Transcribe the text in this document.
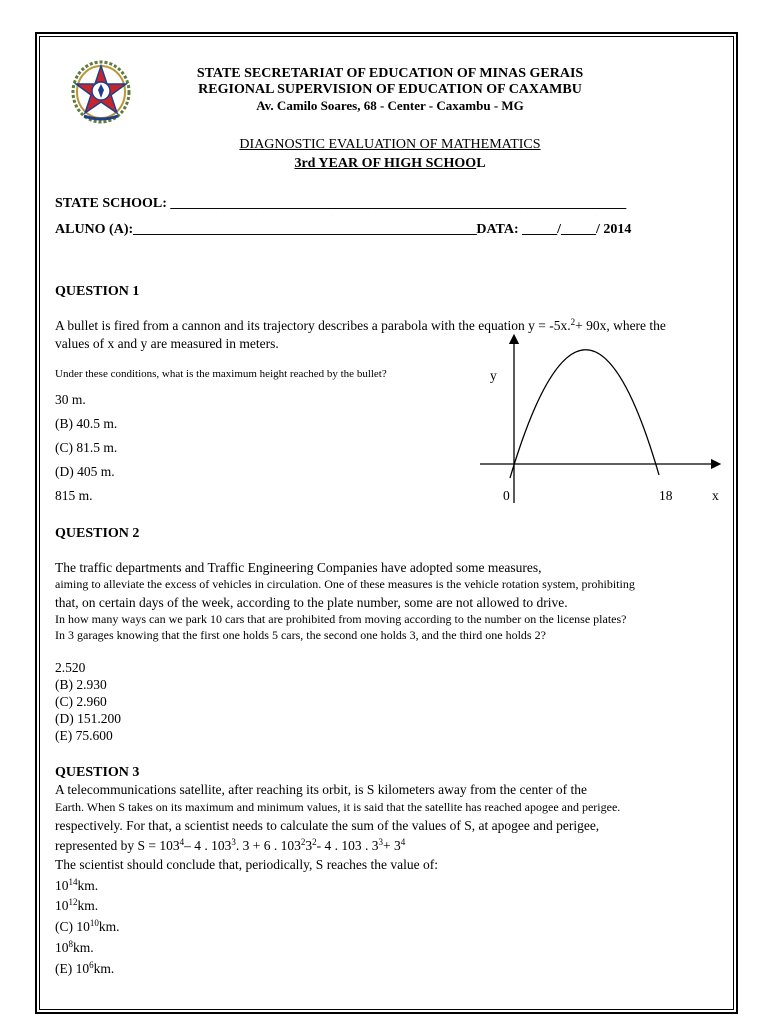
STATE SECRETARIAT OF EDUCATION OF MINAS GERAIS
REGIONAL SUPERVISION OF EDUCATION OF CAXAMBU
Av. Camilo Soares, 68 - Center - Caxambu - MG
DIAGNOSTIC EVALUATION OF MATHEMATICS
3rd YEAR OF HIGH SCHOOL
STATE SCHOOL: _____________________________________________________________________
ALUNO (A):____________________________________________________DATA: _____/_____/ 2014
QUESTION 1
A bullet is fired from a cannon and its trajectory describes a parabola with the equation y = -5x.$^2$+ 90x, where the
values of x and y are measured in meters.
Under these conditions, what is the maximum height reached by the bullet?
30 m.
(B) 40.5 m.
(C) 81.5 m.
(D) 405 m.
815 m.
y
x
0	18
QUESTION 2
The traffic departments and Traffic Engineering Companies have adopted some measures,
aiming to alleviate the excess of vehicles in circulation. One of these measures is the vehicle rotation system, prohibiting
that, on certain days of the week, according to the plate number, some are not allowed to drive.
In how many ways can we park 10 cars that are prohibited from moving according to the number on the license plates?
In 3 garages knowing that the first one holds 5 cars, the second one holds 3, and the third one holds 2?
2.520
(B) 2.930
(C) 2.960
(D) 151.200
(E) 75.600
QUESTION 3
A telecommunications satellite, after reaching its orbit, is S kilometers away from the center of the
Earth. When S takes on its maximum and minimum values, it is said that the satellite has reached apogee and perigee.
respectively. For that, a scientist needs to calculate the sum of the values of S, at apogee and perigee,
represented by $S = 103^4-$ 4 . $103^3$. 3 + 6 . $103^23^2-$ 4 . 103 . $3^3+ 3^4$
The scientist should conclude that, periodically, S reaches the value of:
$10^{14}km$.
$10^{12}km$.
(C) $10^{10}km$.
$10^8km$.
(E) $10^6km$.
